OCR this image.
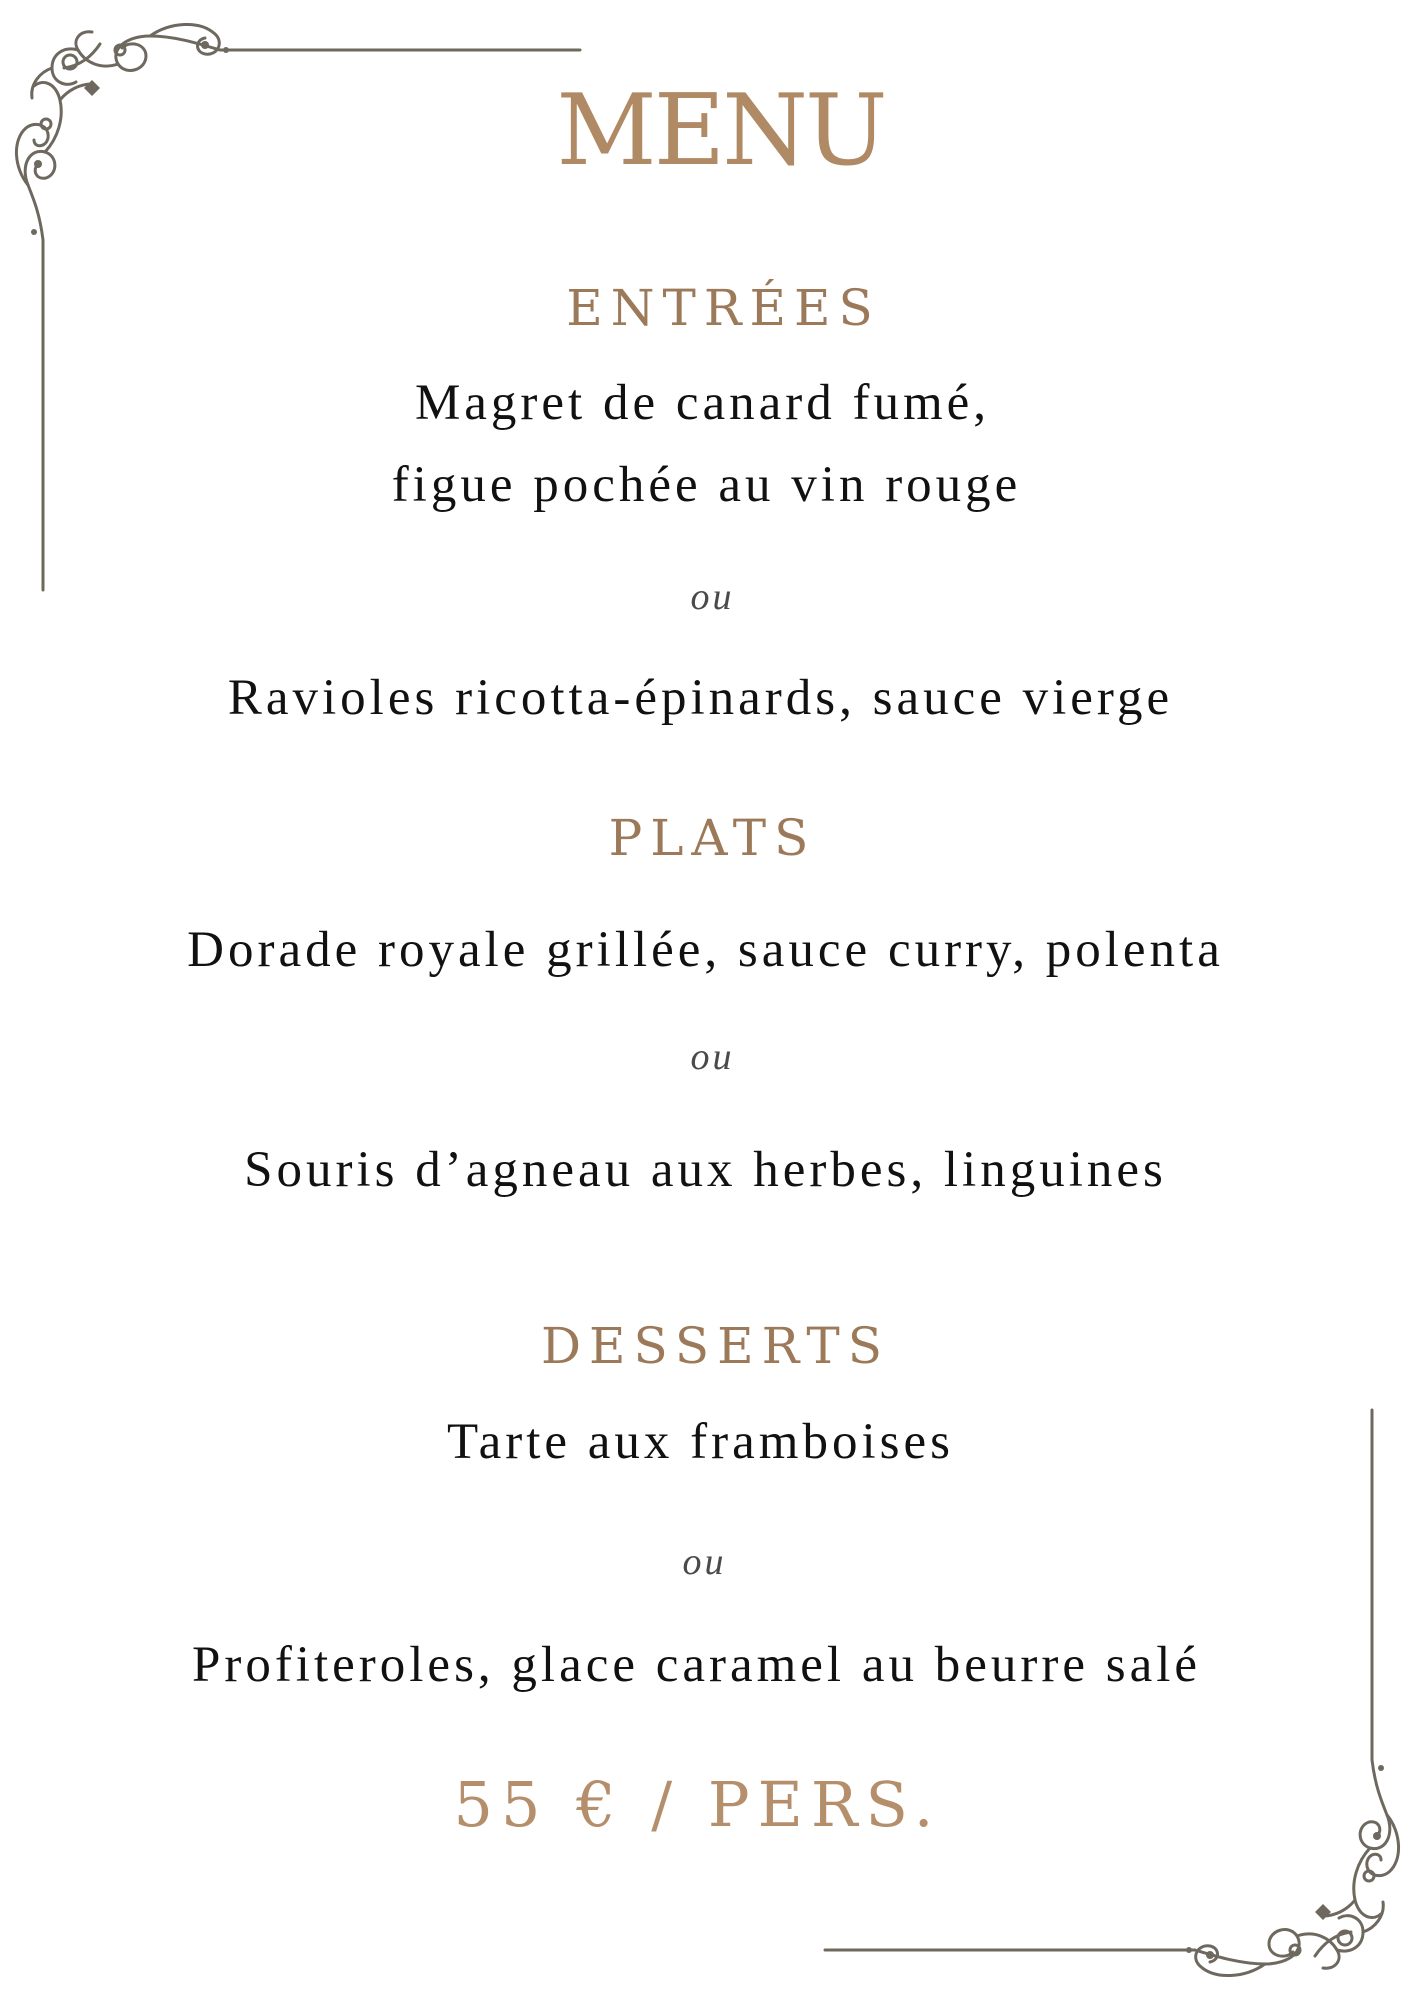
MENU
ENTRÉES
Magret de canard fumé,
figue pochée au vin rouge
ou
Ravioles ricotta-épinards, sauce vierge
PLATS
Dorade royale grillée, sauce curry, polenta
ou
Souris d’agneau aux herbes, linguines
DESSERTS
Tarte aux framboises
ou
Profiteroles, glace caramel au beurre salé
55 € / PERS.
